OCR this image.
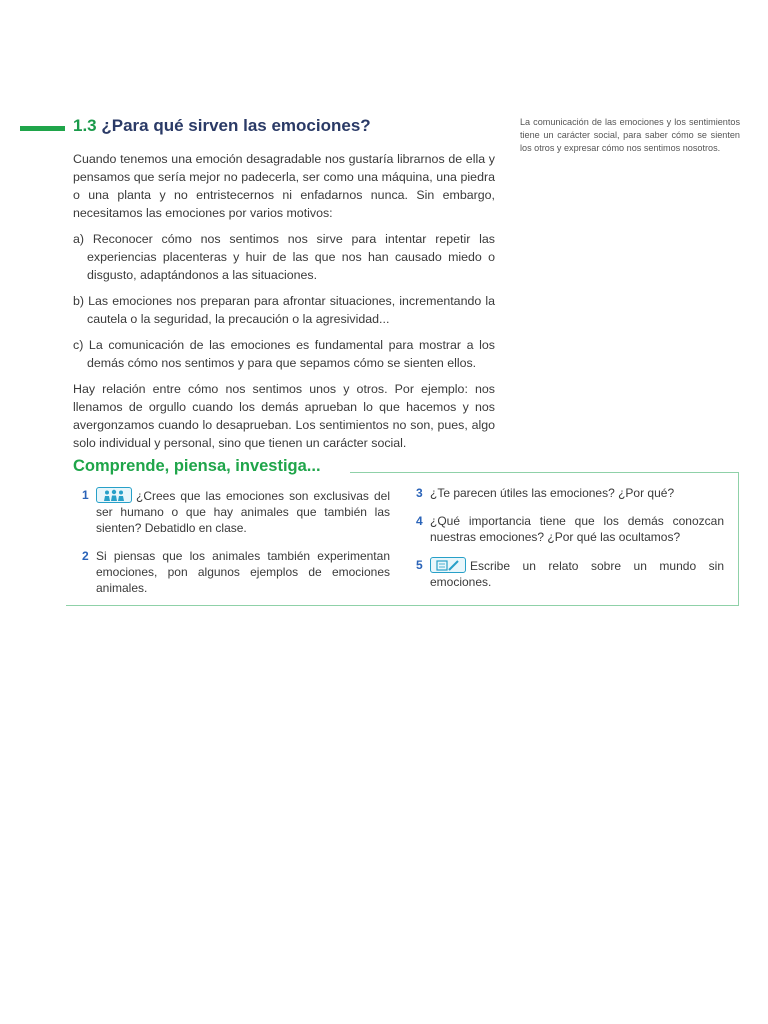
1.3 ¿Para qué sirven las emociones?	La comunicación de las emociones y los sentimientos tiene un carácter social, para saber cómo se sienten los otros y expresar cómo nos sentimos nosotros.

Cuando tenemos una emoción desagradable nos gustaría librarnos de ella y pensamos que sería mejor no padecerla, ser como una máquina, una piedra o una planta y no entristecernos ni enfadarnos nunca. Sin embargo, necesitamos las emociones por varios motivos:

a) Reconocer cómo nos sentimos nos sirve para intentar repetir las experiencias placenteras y huir de las que nos han causado miedo o disgusto, adaptándonos a las situaciones.

b) Las emociones nos preparan para afrontar situaciones, incrementando la cautela o la seguridad, la precaución o la agresividad...

c) La comunicación de las emociones es fundamental para mostrar a los demás cómo nos sentimos y para que sepamos cómo se sienten ellos.

Hay relación entre cómo nos sentimos unos y otros. Por ejemplo: nos llenamos de orgullo cuando los demás aprueban lo que hacemos y nos avergonzamos cuando lo desaprueban. Los sentimientos no son, pues, algo solo individual y personal, sino que tienen un carácter social.

Comprende, piensa, investiga...
1	¿Crees que las emociones son exclusivas del ser humano o que hay animales que también las sienten? Debatidlo en clase.
2 Si piensas que los animales también experimentan emociones, pon algunos ejemplos de emociones animales.
3 ¿Te parecen útiles las emociones? ¿Por qué?
4 ¿Qué importancia tiene que los demás conozcan nuestras emociones? ¿Por qué las ocultamos?
5	Escribe un relato sobre un mundo sin emociones.
